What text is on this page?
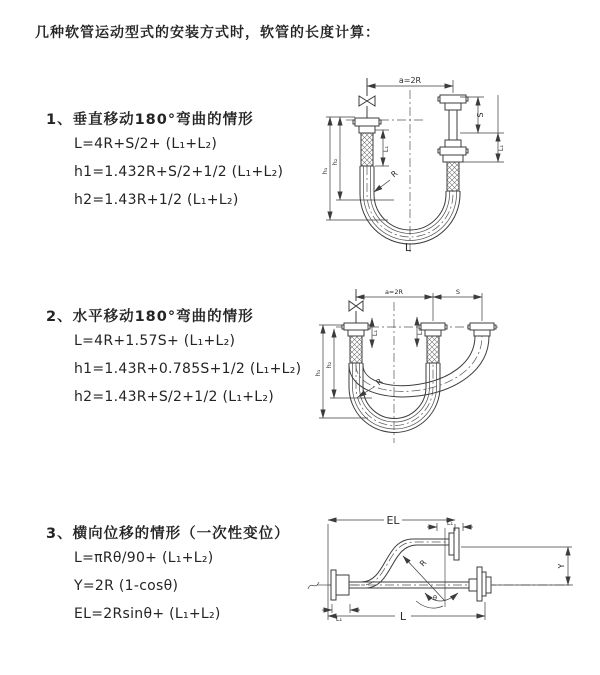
几种软管运动型式的安装方式时，软管的长度计算：
1、垂直移动180°弯曲的情形
L=4R+S/2+ (L₁+L₂)
h1=1.432R+S/2+1/2 (L₁+L₂)
h2=1.43R+1/2 (L₁+L₂)
2、水平移动180°弯曲的情形
L=4R+1.57S+ (L₁+L₂)
h1=1.43R+0.785S+1/2 (L₁+L₂)
h2=1.43R+S/2+1/2 (L₁+L₂)
3、横向位移的情形（一次性变位）
L=πRθ/90+ (L₁+L₂)
Y=2R (1-cosθ)
EL=2Rsinθ+ (L₁+L₂)
a=2R
S
L₁
L₁
h₁
h₂
R
L
a=2R	S
L₁	L₁
h₁
h₂
R
EL	L₁
Y
R
θ
L
L₁
